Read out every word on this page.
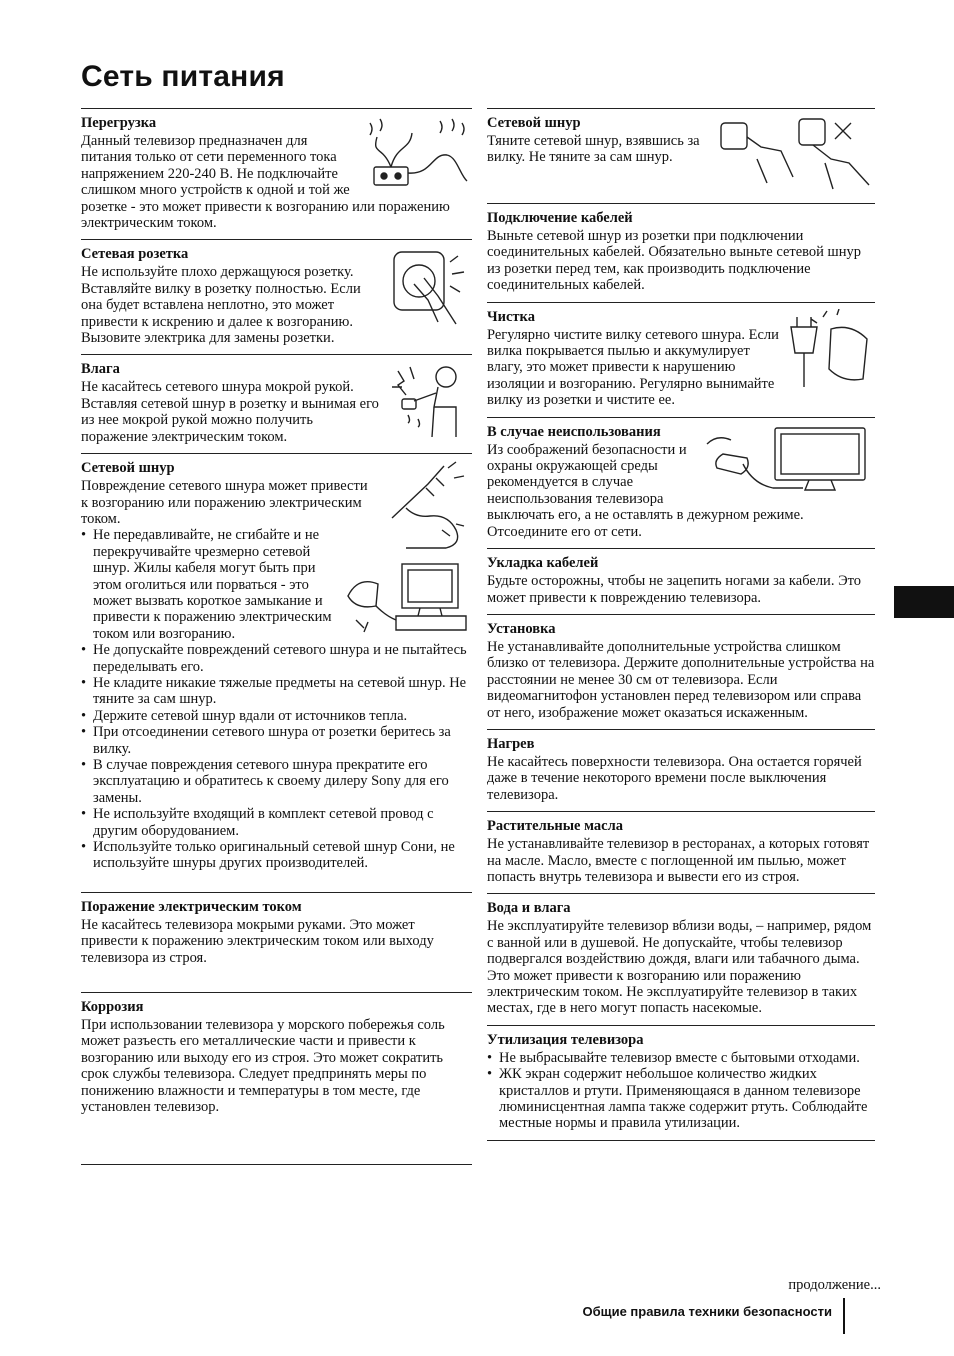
Сеть питания
Перегрузка

Данный телевизор предназначен для питания только от сети переменного тока напряжением 220-240 В. Не подключайте слишком много устройств к одной и той же розетке - это может привести к возгоранию или поражению электрическим током.

Сетевая розетка

Не используйте плохо держащуюся розетку. Вставляйте вилку в розетку полностью. Если она будет вставлена неплотно, это может привести к искрению и далее к возгоранию. Вызовите электрика для замены розетки.

Влага

Не касайтесь сетевого шнура мокрой рукой. Вставляя сетевой шнур в розетку и вынимая его из нее мокрой рукой можно получить поражение электрическим током.

Сетевой шнур

Повреждение сетевого шнура может привести к возгоранию или поражению электрическим током.

• Не передавливайте, не сгибайте и не перекручивайте чрезмерно сетевой шнур. Жилы кабеля могут быть при этом оголиться или порваться - это может вызвать короткое замыкание и привести к поражению электрическим током или возгоранию.
• Не допускайте повреждений сетевого шнура и не пытайтесь переделывать его.
• Не кладите никакие тяжелые предметы на сетевой шнур. Не тяните за сам шнур.
• Держите сетевой шнур вдали от источников тепла.
• При отсоединении сетевого шнура от розетки беритесь за вилку.
• В случае повреждения сетевого шнура прекратите его эксплуатацию и обратитесь к своему дилеру Sony для его замены.
• Не используйте входящий в комплект сетевой провод с другим оборудованием.
• Используйте только оригинальный сетевой шнур Сони, не используйте шнуры других производителей.
Поражение электрическим током

Не касайтесь телевизора мокрыми руками. Это может привести к поражению электрическим током или выходу телевизора из строя.

Коррозия

При использовании телевизора у морского побережья соль может разъесть его металлические части и привести к возгоранию или выходу его из строя. Это может сократить срок службы телевизора. Следует предпринять меры по понижению влажности и температуры в том месте, где установлен телевизор.

Сетевой шнур

Тяните сетевой шнур, взявшись за вилку. Не тяните за сам шнур.

Подключение кабелей

Выньте сетевой шнур из розетки при подключении соединительных кабелей. Обязательно выньте сетевой шнур из розетки перед тем, как производить подключение соединительных кабелей.

Чистка

Регулярно чистите вилку сетевого шнура. Если вилка покрывается пылью и аккумулирует влагу, это может привести к нарушению изоляции и возгоранию. Регулярно вынимайте вилку из розетки и чистите ее.

В случае неиспользования

Из соображений безопасности и охраны окружающей среды рекомендуется в случае неиспользования телевизора выключать его, а не оставлять в дежурном режиме. Отсоедините его от сети.

Укладка кабелей

Будьте осторожны, чтобы не зацепить ногами за кабели. Это может привести к повреждению телевизора.

Установка

Не устанавливайте дополнительные устройства слишком близко от телевизора. Держите дополнительные устройства на расстоянии не менее 30 см от телевизора. Если видеомагнитофон установлен перед телевизором или справа от него, изображение может оказаться искаженным.

Нагрев

Не касайтесь поверхности телевизора. Она остается горячей даже в течение некоторого времени после выключения телевизора.

Растительные масла

Не устанавливайте телевизор в ресторанах, а которых готовят на масле. Масло, вместе с поглощенной им пылью, может попасть внутрь телевизора и вывести его из строя.

Вода и влага

Не эксплуатируйте телевизор вблизи воды, – например, рядом с ванной или в душевой. Не допускайте, чтобы телевизор подвергался воздействию дождя, влаги или табачного дыма. Это может привести к возгоранию или поражению электрическим током. Не эксплуатируйте телевизор в таких местах, где в него могут попасть насекомые.

Утилизация телевизора
• Не выбрасывайте телевизор вместе с бытовыми отходами.
• ЖК экран содержит небольшое количество жидких кристаллов и ртути. Применяющаяся в данном телевизоре люминисцентная лампа также содержит ртуть. Соблюдайте местные нормы и правила утилизации.
продолжение...
Общие правила техники безопасности
